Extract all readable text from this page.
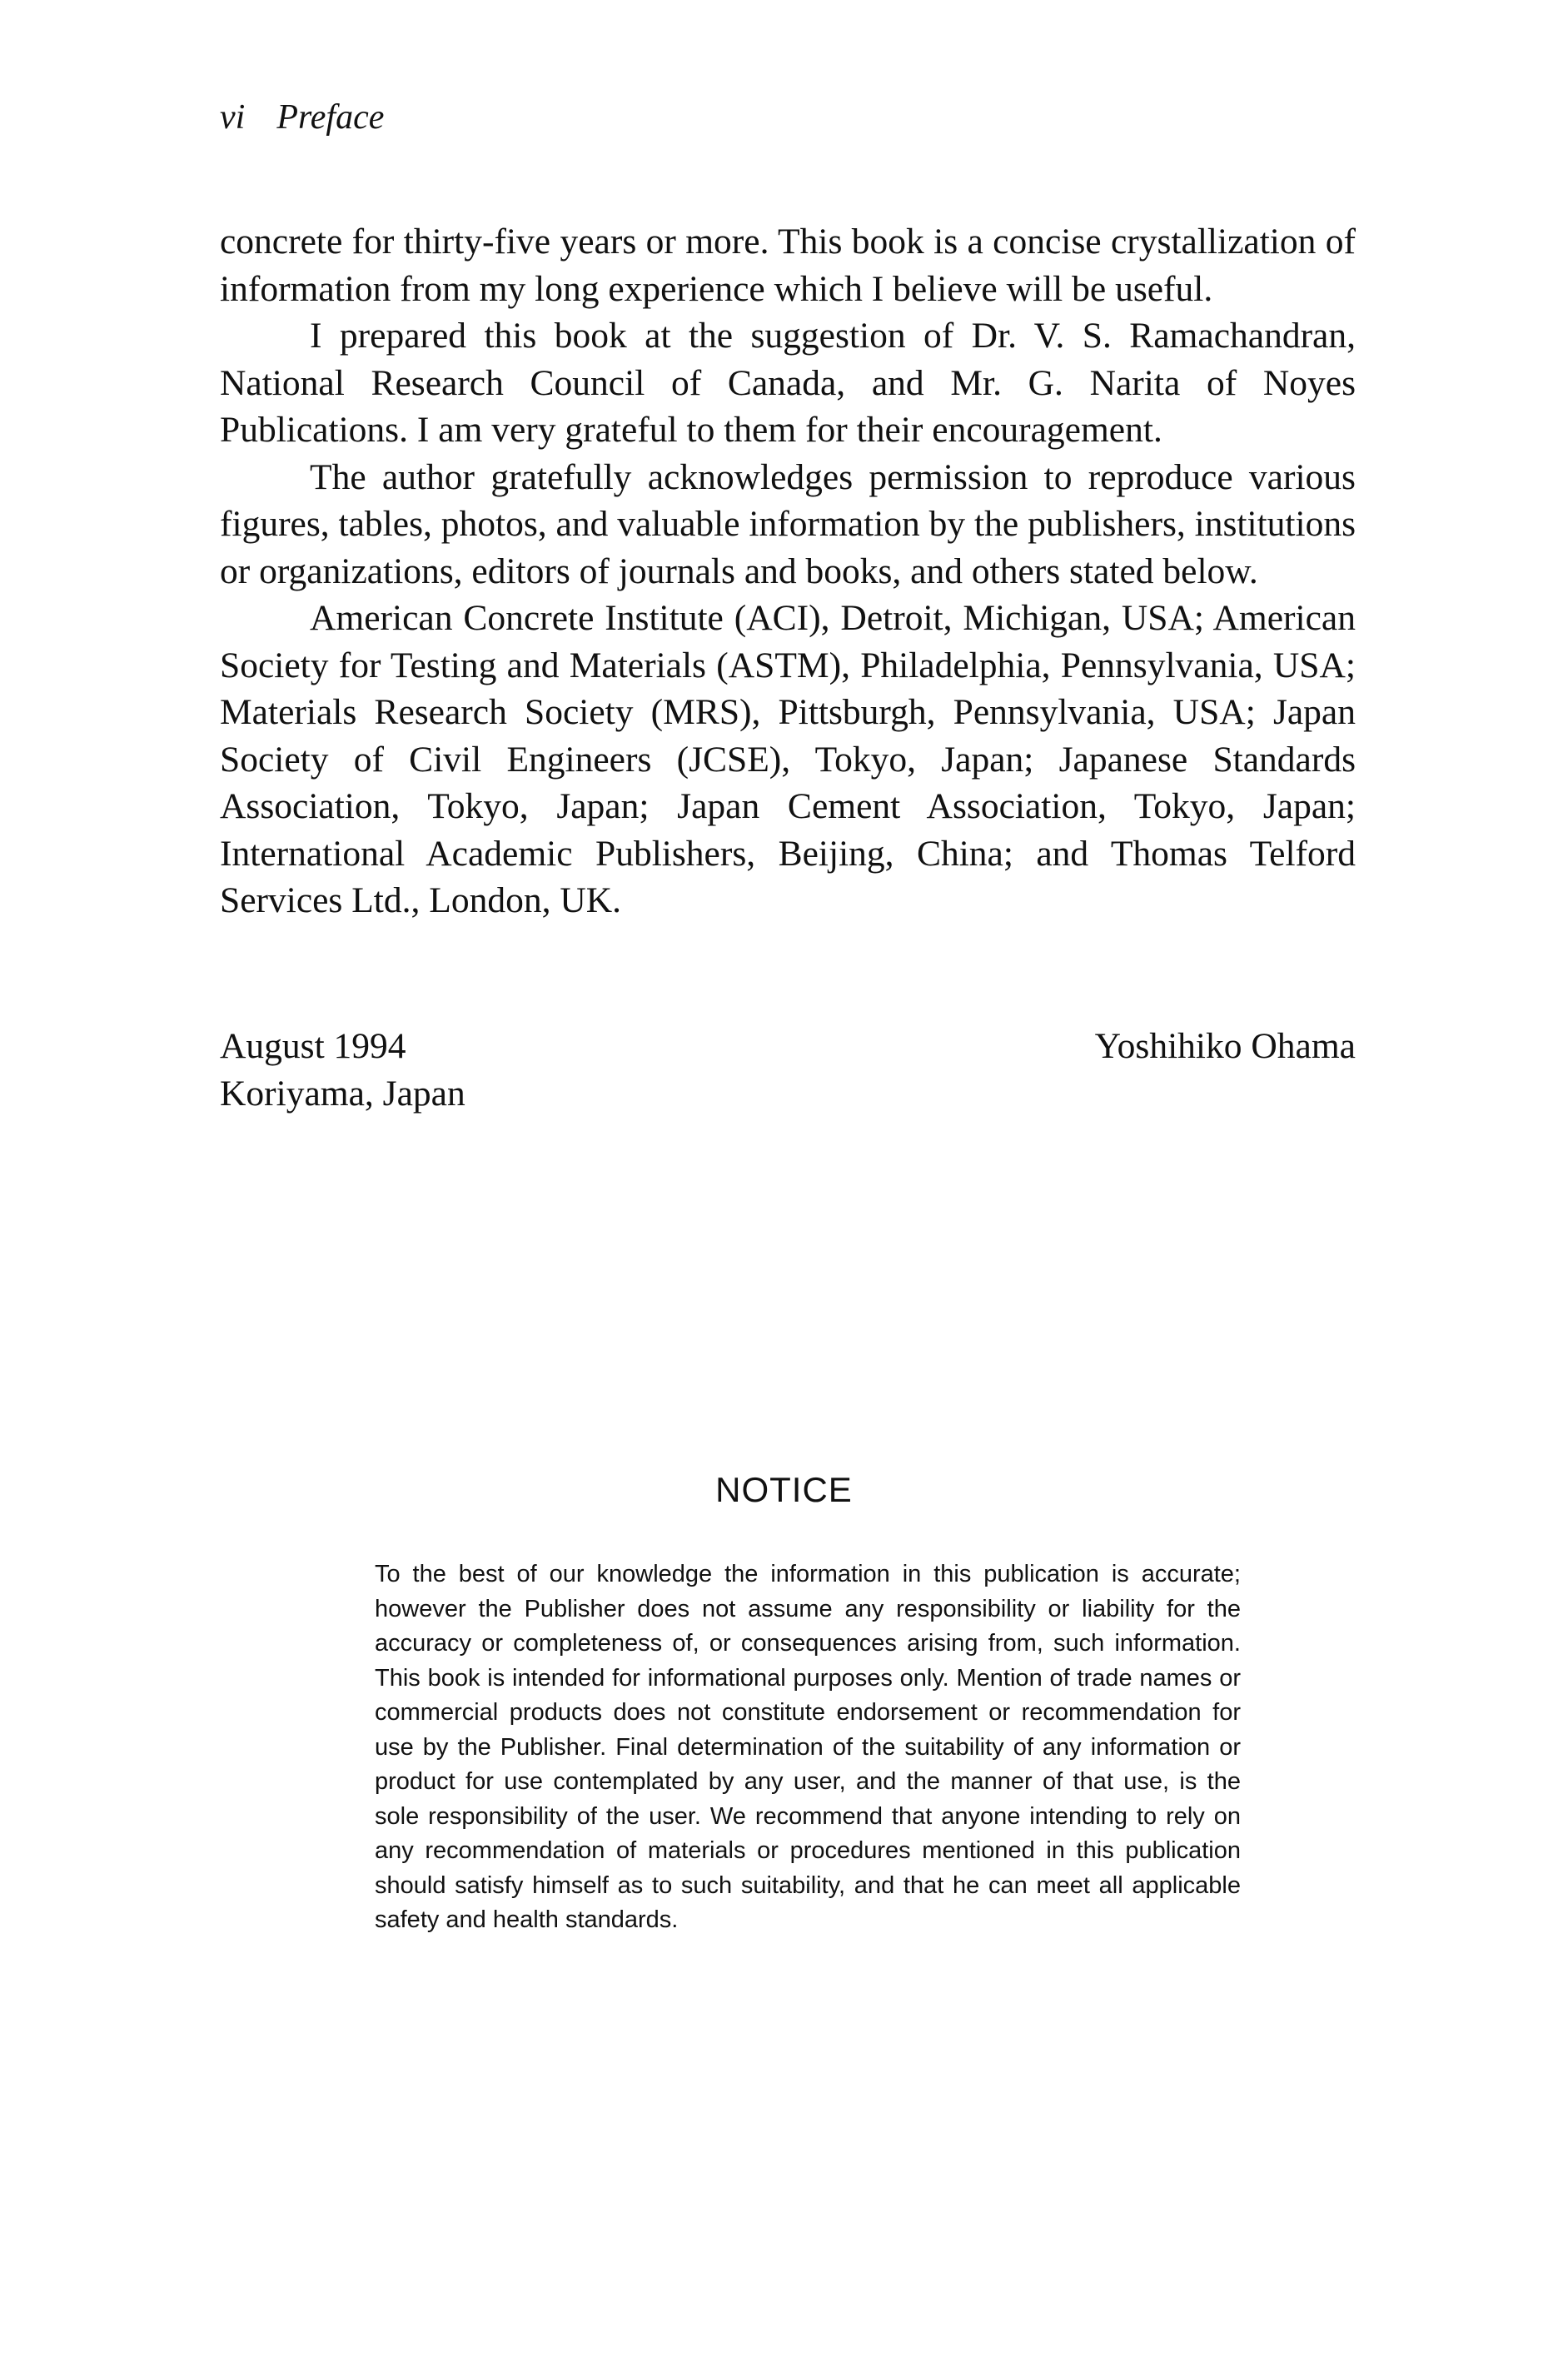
vi Preface

concrete for thirty-five years or more. This book is a concise crystallization of information from my long experience which I believe will be useful.

I prepared this book at the suggestion of Dr. V. S. Ramachandran, National Research Council of Canada, and Mr. G. Narita of Noyes Publications. I am very grateful to them for their encouragement.

The author gratefully acknowledges permission to reproduce various figures, tables, photos, and valuable information by the publishers, institutions or organizations, editors of journals and books, and others stated below.

American Concrete Institute (ACI), Detroit, Michigan, USA; American Society for Testing and Materials (ASTM), Philadelphia, Pennsylvania, USA; Materials Research Society (MRS), Pittsburgh, Pennsylvania, USA; Japan Society of Civil Engineers (JCSE), Tokyo, Japan; Japanese Standards Association, Tokyo, Japan; Japan Cement Association, Tokyo, Japan; International Academic Publishers, Beijing, China; and Thomas Telford Services Ltd., London, UK.

August 1994
Koriyama, Japan
Yoshihiko Ohama
NOTICE

To the best of our knowledge the information in this publication is accurate; however the Publisher does not assume any responsibility or liability for the accuracy or completeness of, or consequences arising from, such information. This book is intended for informational purposes only. Mention of trade names or commercial products does not constitute endorsement or recommendation for use by the Publisher. Final determination of the suitability of any information or product for use contemplated by any user, and the manner of that use, is the sole responsibility of the user. We recommend that anyone intending to rely on any recommendation of materials or procedures mentioned in this publication should satisfy himself as to such suitability, and that he can meet all applicable safety and health standards.
